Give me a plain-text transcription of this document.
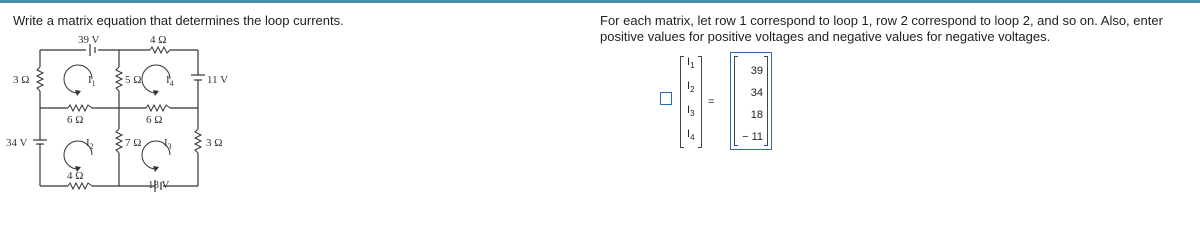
Write a matrix equation that determines the loop currents.	For each matrix, let row 1 correspond to loop 1, row 2 correspond to loop 2, and so on. Also, enter positive values for positive voltages and negative values for negative voltages.
39 V	4 Ω
3 Ω	$I_1$	5 Ω $I_4$	11 V
6 Ω	6 Ω
34 V	$I_2$	7 Ω $I_3$	3 Ω
4 Ω
18 V
$I_1$
$I_2$
$I_3$
$I_4$
=
39
34
18
− 11
